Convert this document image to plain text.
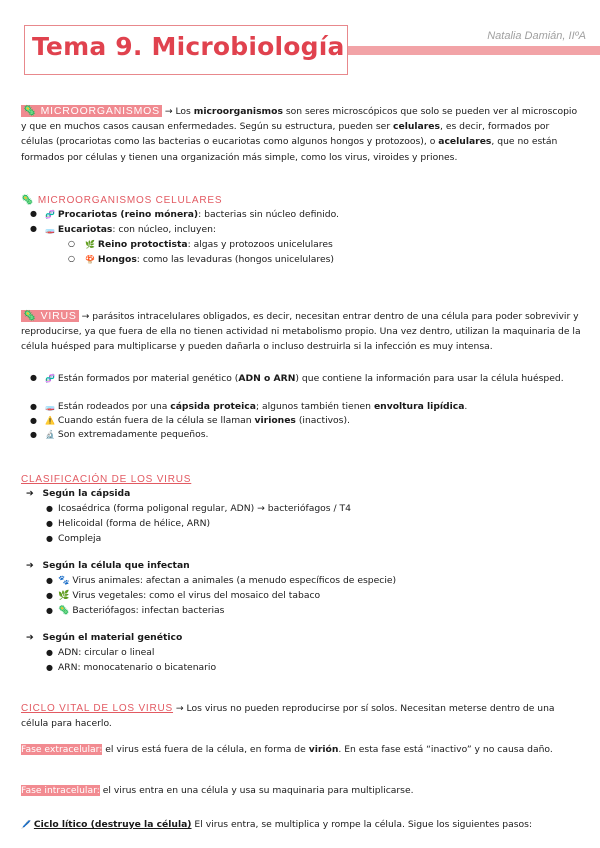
Tema 9. Microbiología	Natalia Damián, IIºA
🦠 MICROORGANISMOS → Los microorganismos son seres microscópicos que solo se pueden ver al microscopio y que en muchos casos causan enfermedades. Según su estructura, pueden ser celulares, es decir, formados por células (procariotas como las bacterias o eucariotas como algunos hongos y protozoos), o acelulares, que no están formados por células y tienen una organización más simple, como los virus, viroides y priones.
🦠 MICROORGANISMOS CELULARES
● 🧬 Procariotas (reino mónera): bacterias sin núcleo definido.
● 🧫 Eucariotas: con núcleo, incluyen:
○ 🌿 Reino protoctista: algas y protozoos unicelulares
○ 🍄 Hongos: como las levaduras (hongos unicelulares)
🦠 VIRUS → parásitos intracelulares obligados, es decir, necesitan entrar dentro de una célula para poder sobrevivir y reproducirse, ya que fuera de ella no tienen actividad ni metabolismo propio. Una vez dentro, utilizan la maquinaria de la célula huésped para multiplicarse y pueden dañarla o incluso destruirla si la infección es muy intensa.
● 🧬 Están formados por material genético (ADN o ARN) que contiene la información para usar la célula huésped.
● 🧫 Están rodeados por una cápsida proteica; algunos también tienen envoltura lipídica.
● ⚠️ Cuando están fuera de la célula se llaman viriones (inactivos).
● 🔬 Son extremadamente pequeños.
CLASIFICACIÓN DE LOS VIRUS
➔   Según la cápsida
● Icosaédrica (forma poligonal regular, ADN) → bacteriófagos / T4
● Helicoidal (forma de hélice, ARN)
● Compleja
➔   Según la célula que infectan
● 🐾 Virus animales: afectan a animales (a menudo específicos de especie)
● 🌿 Virus vegetales: como el virus del mosaico del tabaco
● 🦠 Bacteriófagos: infectan bacterias
➔   Según el material genético
● ADN: circular o lineal
● ARN: monocatenario o bicatenario
CICLO VITAL DE LOS VIRUS → Los virus no pueden reproducirse por sí solos. Necesitan meterse dentro de una célula para hacerlo.
Fase extracelular: el virus está fuera de la célula, en forma de virión. En esta fase está “inactivo” y no causa daño.
Fase intracelular: el virus entra en una célula y usa su maquinaria para multiplicarse.
🖊️ Ciclo lítico (destruye la célula) El virus entra, se multiplica y rompe la célula. Sigue los siguientes pasos:
